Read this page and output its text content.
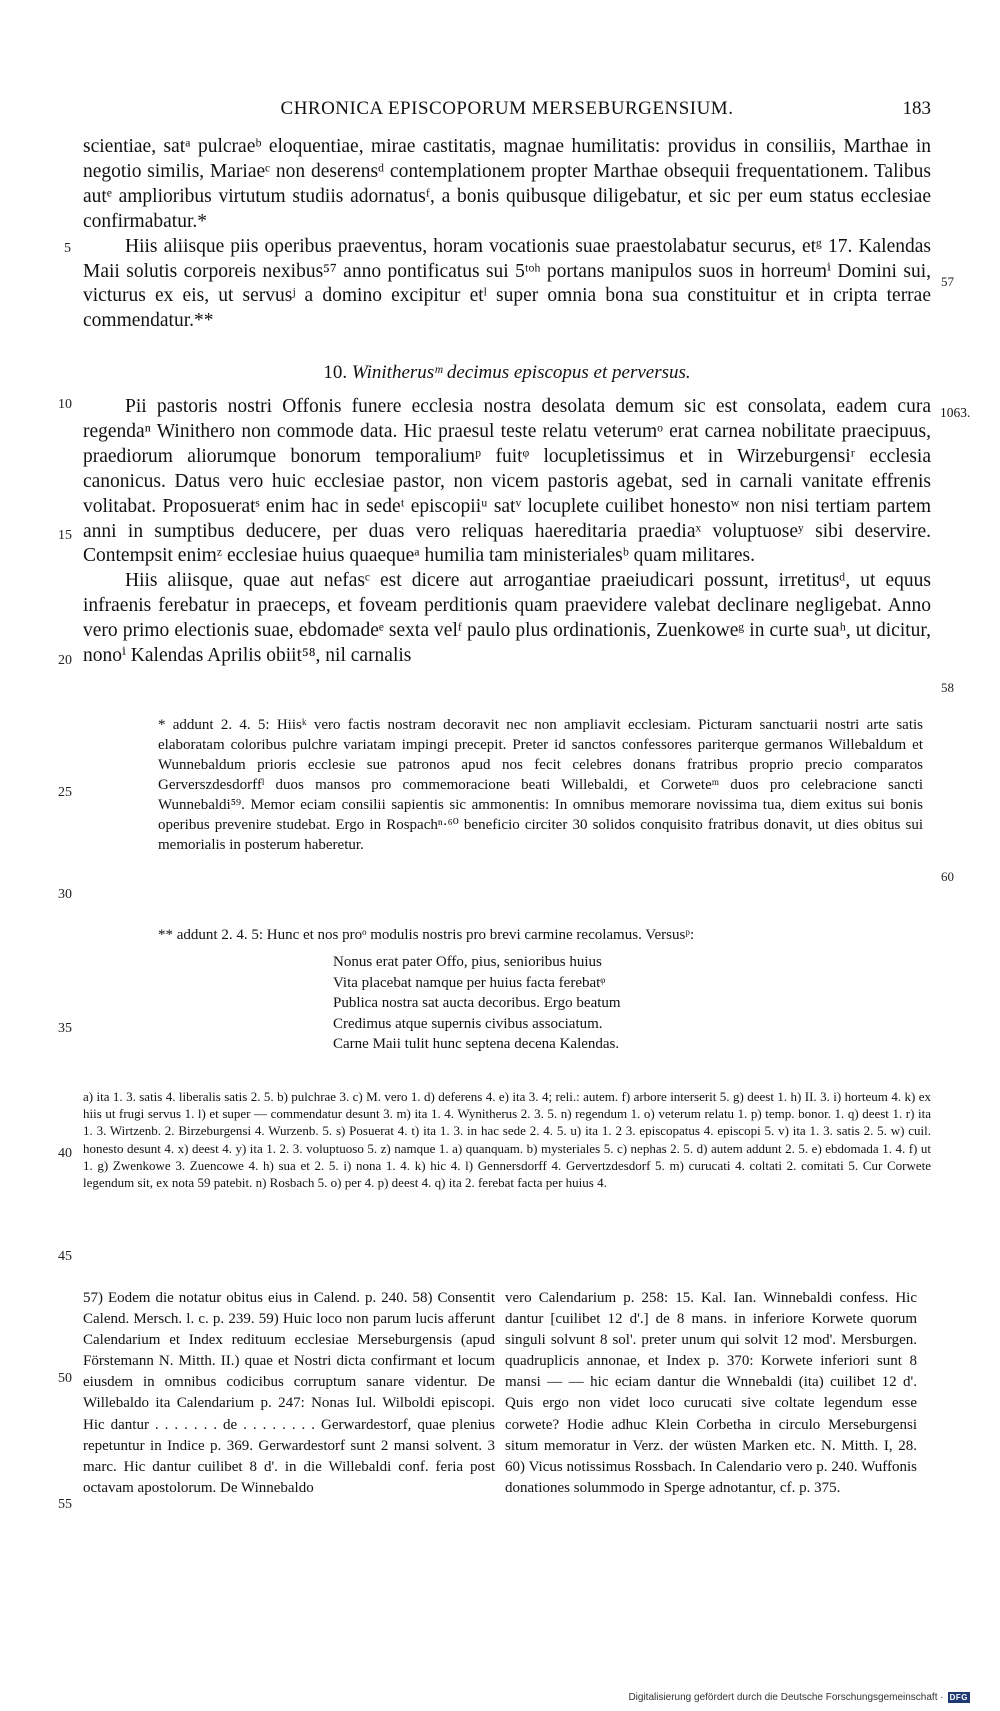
CHRONICA EPISCOPORUM MERSEBURGENSIUM.	183

scientiae, satᵃ pulcraeᵇ eloquentiae, mirae castitatis, magnae humilitatis: providus in consiliis, Marthae in negotio similis, Mariaeᶜ non deserensᵈ contemplationem propter Marthae obsequii frequentationem. Talibus autᵉ amplioribus virtutum studiis adornatusᶠ, a bonis quibusque diligebatur, et sic per eum status ecclesiae confirmabatur.*

Hiis aliisque piis operibus praeventus, horam vocationis suae praestolabatur securus, etᵍ 17. Kalendas Maii solutis corporeis nexibus⁵⁷ anno pontificatus sui 5ᵗᵒʰ portans manipulos suos in horreumⁱ Domini sui, victurus ex eis, ut servusʲ a domino excipitur etˡ super omnia bona sua constituitur et in cripta terrae commendatur.**

10. Winitherusᵐ decimus episcopus et perversus.

Pii pastoris nostri Offonis funere ecclesia nostra desolata demum sic est consolata, eadem cura regendaⁿ Winithero non commode data. Hic praesul teste relatu veterumᵒ erat carnea nobilitate praecipuus, praediorum aliorumque bonorum temporaliumᵖ fuitᵠ locupletissimus et in Wirzeburgensiʳ ecclesia canonicus. Datus vero huic ecclesiae pastor, non vicem pastoris agebat, sed in carnali vanitate effrenis volitabat. Proposueratˢ enim hac in sedeᵗ episcopiiᵘ satᵛ locuplete cuilibet honestoʷ non nisi tertiam partem anni in sumptibus deducere, per duas vero reliquas haereditaria praediaˣ voluptuoseʸ sibi deservire. Contempsit enimᶻ ecclesiae huius quaequeᵃ humilia tam ministerialesᵇ quam militares.

Hiis aliisque, quae aut nefasᶜ est dicere aut arrogantiae praeiudicari possunt, irretitusᵈ, ut equus infraenis ferebatur in praeceps, et foveam perditionis quam praevidere valebat declinare negligebat. Anno vero primo electionis suae, ebdomadeᵉ sexta velᶠ paulo plus ordinationis, Zuenkoweᵍ in curte suaʰ, ut dicitur, nonoⁱ Kalendas Aprilis obiit⁵⁸, nil carnalis

* addunt 2. 4. 5: Hiisᵏ vero factis nostram decoravit nec non ampliavit ecclesiam. Picturam sanctuarii nostri arte satis elaboratam coloribus pulchre variatam impingi precepit. Preter id sanctos confessores pariterque germanos Willebaldum et Wunnebaldum prioris ecclesie sue patronos apud nos fecit celebres donans fratribus proprio precio comparatos Gerverszdesdorffˡ duos mansos pro commemoracione beati Willebaldi, et Corweteᵐ duos pro celebracione sancti Wunnebaldi⁵⁹. Memor eciam consilii sapientis sic ammonentis: In omnibus memorare novissima tua, diem exitus sui bonis operibus prevenire studebat. Ergo in Rospachⁿ·⁶⁰ beneficio circiter 30 solidos conquisito fratribus donavit, ut dies obitus sui memorialis in posterum haberetur.

** addunt 2. 4. 5: Hunc et nos proᵒ modulis nostris pro brevi carmine recolamus. Versusᵖ:

Nonus erat pater Offo, pius, senioribus huius
Vita placebat namque per huius facta ferebatᵠ
Publica nostra sat aucta decoribus. Ergo beatum
Credimus atque supernis civibus associatum.
Carne Maii tulit hunc septena decena Kalendas.
a) ita 1. 3. satis 4. liberalis satis 2. 5. b) pulchrae 3. c) M. vero 1. d) deferens 4. e) ita 3. 4; reli.: autem. f) arbore interserit 5. g) deest 1. h) II. 3. i) horteum 4. k) ex hiis ut frugi servus 1. l) et super — commendatur desunt 3. m) ita 1. 4. Wynitherus 2. 3. 5. n) regendum 1. o) veterum relatu 1. p) temp. bonor. 1. q) deest 1. r) ita 1. 3. Wirtzenb. 2. Birzeburgensi 4. Wurzenb. 5. s) Posuerat 4. t) ita 1. 3. in hac sede 2. 4. 5. u) ita 1. 2 3. episcopatus 4. episcopi 5. v) ita 1. 3. satis 2. 5. w) cuil. honesto desunt 4. x) deest 4. y) ita 1. 2. 3. voluptuoso 5. z) namque 1. a) quanquam. b) mysteriales 5. c) nephas 2. 5. d) autem addunt 2. 5. e) ebdomada 1. 4. f) ut 1. g) Zwenkowe 3. Zuencowe 4. h) sua et 2. 5. i) nona 1. 4. k) hic 4. l) Gennersdorff 4. Gervertzdesdorf 5. m) curucati 4. coltati 2. comitati 5. Cur Corwete legendum sit, ex nota 59 patebit. n) Rosbach 5. o) per 4. p) deest 4. q) ita 2. ferebat facta per huius 4.
57) Eodem die notatur obitus eius in Calend. p. 240. 58) Consentit Calend. Mersch. l. c. p. 239. 59) Huic loco non parum lucis afferunt Calendarium et Index redituum ecclesiae Merseburgensis (apud Förstemann N. Mitth. II.) quae et Nostri dicta confirmant et locum eiusdem in omnibus codicibus corruptum sanare videntur. De Willebaldo ita Calendarium p. 247: Nonas Iul. Wilboldi episcopi. Hic dantur . . . . . . . de . . . . . . . . Gerwardestorf, quae plenius repetuntur in Indice p. 369. Gerwardestorf sunt 2 mansi solvent. 3 marc. Hic dantur cuilibet 8 d'. in die Willebaldi conf. feria post octavam apostolorum. De Winnebaldo
vero Calendarium p. 258: 15. Kal. Ian. Winnebaldi confess. Hic dantur [cuilibet 12 d'.] de 8 mans. in inferiore Korwete quorum singuli solvunt 8 sol'. preter unum qui solvit 12 mod'. Mersburgen. quadruplicis annonae, et Index p. 370: Korwete inferiori sunt 8 mansi — — hic eciam dantur die Wnnebaldi (ita) cuilibet 12 d'. Quis ergo non videt loco curucati sive coltate legendum esse corwete? Hodie adhuc Klein Corbetha in circulo Merseburgensi situm memoratur in Verz. der wüsten Marken etc. N. Mitth. I, 28. 60) Vicus notissimus Rossbach. In Calendario vero p. 240. Wuffonis donationes solummodo in Sperge adnotantur, cf. p. 375.
5
10
15
20
25
30
35
40
45
50
55
57
1063.
58
60
Digitalisierung gefördert durch die Deutsche Forschungsgemeinschaft · DFG
